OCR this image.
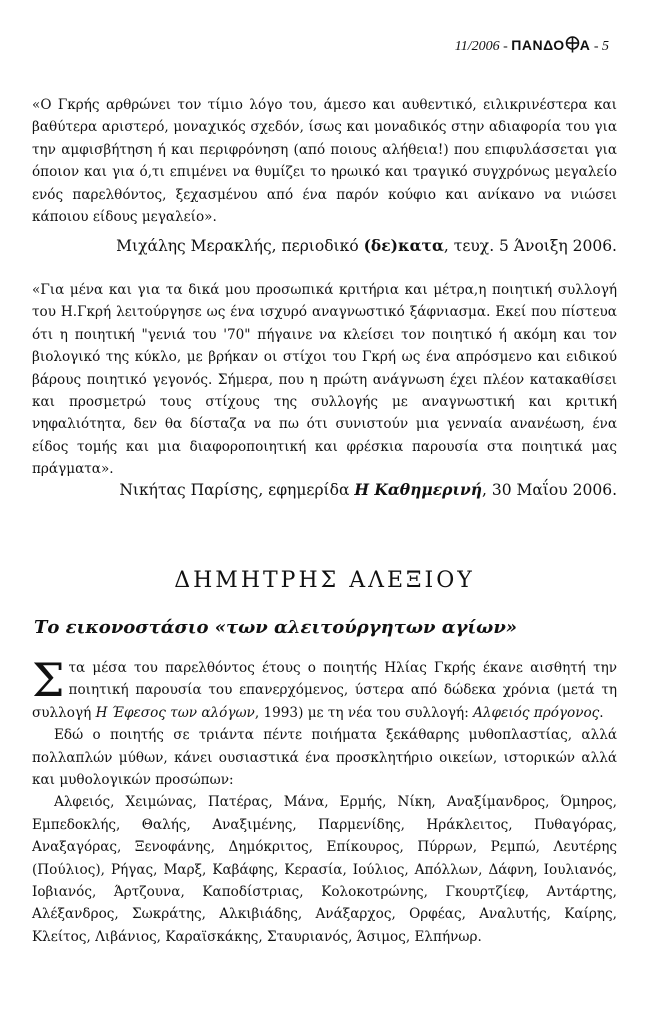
11/2006 - ΠΑΝΔΟ Α - 5

«Ο Γκρής αρθρώνει τον τίμιο λόγο του, άμεσο και αυθεντικό, ειλικρινέστερα και βαθύτερα αριστερό, μοναχικός σχεδόν, ίσως και μοναδικός στην αδιαφορία του για την αμφισβήτηση ή και περιφρόνηση (από ποιους αλήθεια!) που επιφυλάσσεται για όποιον και για ό,τι επιμένει να θυμίζει το ηρωικό και τραγικό συγχρόνως μεγαλείο ενός παρελθόντος, ξεχασμένου από ένα παρόν κούφιο και ανίκανο να νιώσει κάποιου είδους μεγαλείο».

Μιχάλης Μερακλής, περιοδικό (δε)κατα, τευχ. 5 Άνοιξη 2006.

«Για μένα και για τα δικά μου προσωπικά κριτήρια και μέτρα,η ποιητική συλλογή του Η.Γκρή λειτούργησε ως ένα ισχυρό αναγνωστικό ξάφνιασμα. Εκεί που πίστευα ότι η ποιητική "γενιά του '70" πήγαινε να κλείσει τον ποιητικό ή ακόμη και τον βιολογικό της κύκλο, με βρήκαν οι στίχοι του Γκρή ως ένα απρόσμενο και ειδικού βάρους ποιητικό γεγονός. Σήμερα, που η πρώτη ανάγνωση έχει πλέον κατακαθίσει και προσμετρώ τους στίχους της συλλογής με αναγνωστική και κριτική νηφαλιότητα, δεν θα δίσταζα να πω ότι συνιστούν μια γενναία ανανέωση, ένα είδος τομής και μια διαφοροποιητική και φρέσκια παρουσία στα ποιητικά μας πράγματα».

Νικήτας Παρίσης, εφημερίδα Η Καθημερινή, 30 Μαΐου 2006.

ΔΗΜΗΤΡΗΣ ΑΛΕΞΙΟΥ
Το εικονοστάσιο «των αλειτούργητων αγίων»

Στα μέσα του παρελθόντος έτους ο ποιητής Ηλίας Γκρής έκανε αισθητή την ποιητική παρουσία του επανερχόμενος, ύστερα από δώδεκα χρόνια (μετά τη συλλογή Η Έφεσος των αλόγων, 1993) με τη νέα του συλλογή: Αλφειός πρόγονος.

Εδώ ο ποιητής σε τριάντα πέντε ποιήματα ξεκάθαρης μυθοπλαστίας, αλλά πολλαπλών μύθων, κάνει ουσιαστικά ένα προσκλητήριο οικείων, ιστορικών αλλά και μυθολογικών προσώπων:

Αλφειός, Χειμώνας, Πατέρας, Μάνα, Ερμής, Νίκη, Αναξίμανδρος, Όμηρος, Εμπεδοκλής, Θαλής, Αναξιμένης, Παρμενίδης, Ηράκλειτος, Πυθαγόρας, Αναξαγόρας, Ξενοφάνης, Δημόκριτος, Επίκουρος, Πύρρων, Ρεμπώ, Λευτέρης (Πούλιος), Ρήγας, Μαρξ, Καβάφης, Κερασία, Ιούλιος, Απόλλων, Δάφνη, Ιουλιανός, Ιοβιανός, Άρτζουνα, Καποδίστριας, Κολοκοτρώνης, Γκουρτζίεφ, Αντάρτης, Αλέξανδρος, Σωκράτης, Αλκιβιάδης, Ανάξαρχος, Ορφέας, Αναλυτής, Καίρης, Κλείτος, Λιβάνιος, Καραϊσκάκης, Σταυριανός, Άσιμος, Ελπήνωρ.
